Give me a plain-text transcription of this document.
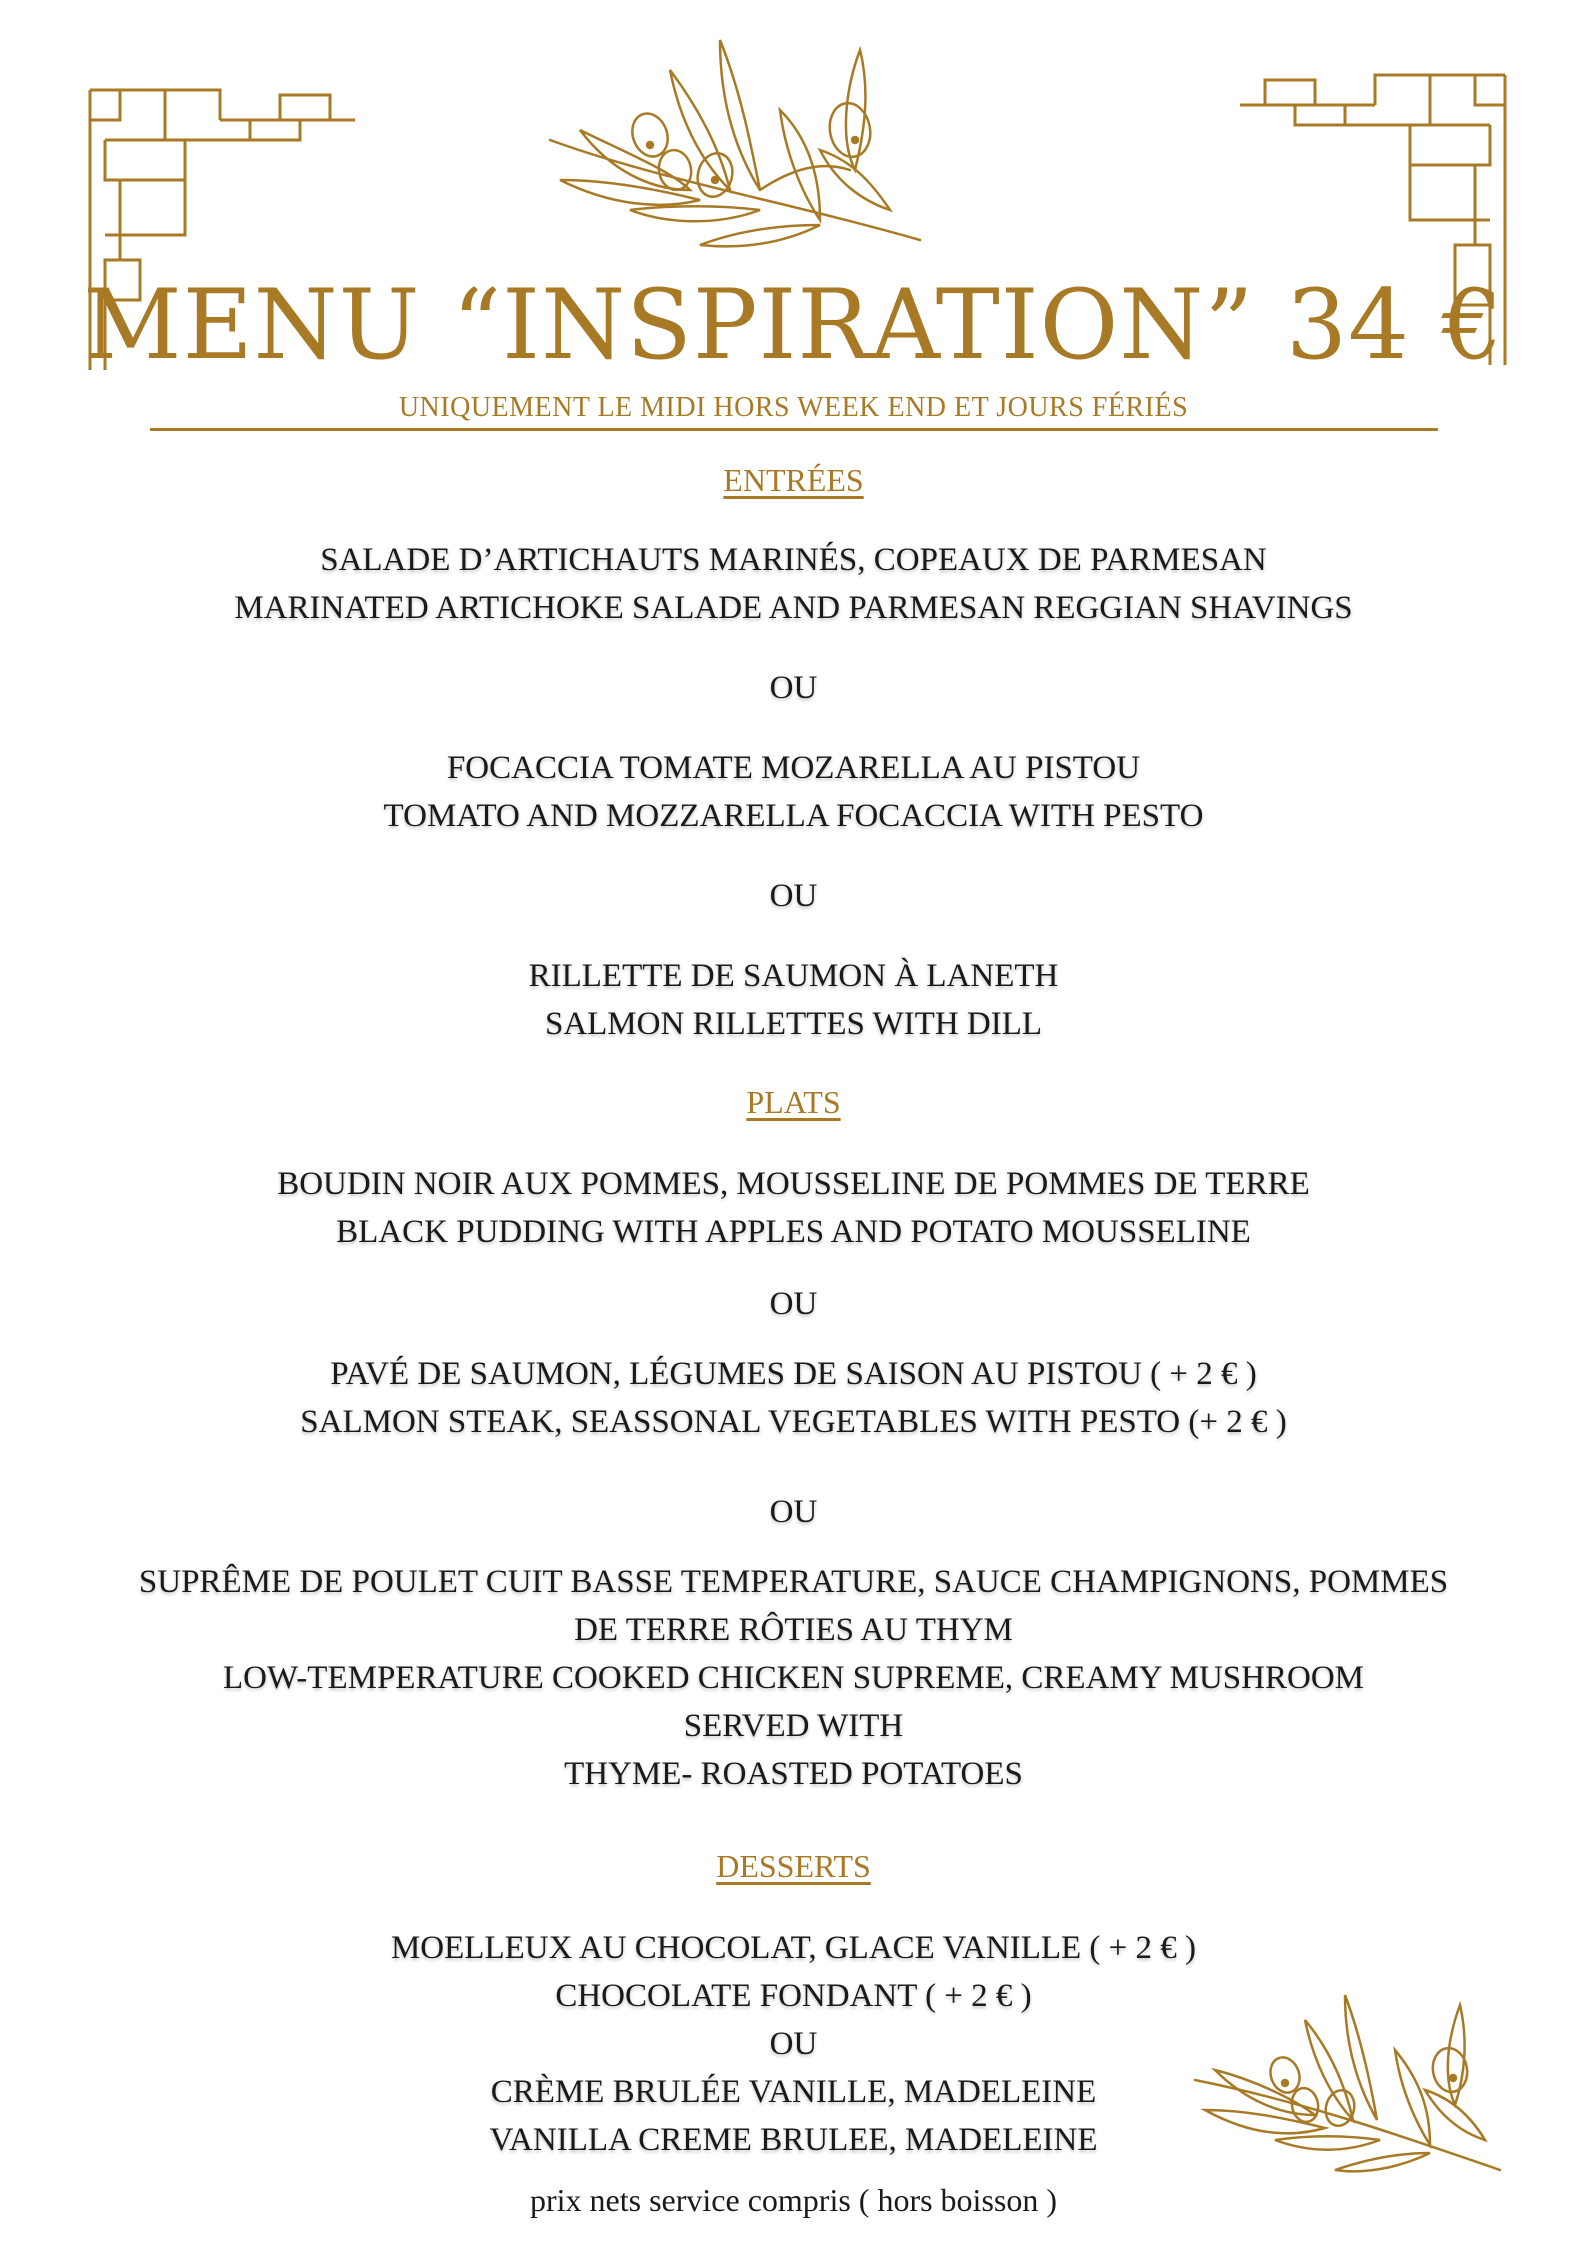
MENU “INSPIRATION” 34 €
UNIQUEMENT LE MIDI HORS WEEK END ET JOURS FÉRIÉS
ENTRÉES
SALADE D’ARTICHAUTS MARINÉS, COPEAUX DE PARMESAN
MARINATED ARTICHOKE SALADE AND PARMESAN REGGIAN SHAVINGS
OU
FOCACCIA TOMATE MOZARELLA AU PISTOU
TOMATO AND MOZZARELLA FOCACCIA WITH PESTO
OU
RILLETTE DE SAUMON À LANETH
SALMON RILLETTES WITH DILL
PLATS
BOUDIN NOIR AUX POMMES, MOUSSELINE DE POMMES DE TERRE
BLACK PUDDING WITH APPLES AND POTATO MOUSSELINE
OU
PAVÉ DE SAUMON, LÉGUMES DE SAISON AU PISTOU ( + 2 € )
SALMON STEAK, SEASSONAL VEGETABLES WITH PESTO (+ 2 € )
OU
SUPRÊME DE POULET CUIT BASSE TEMPERATURE, SAUCE CHAMPIGNONS, POMMES
DE TERRE RÔTIES AU THYM
LOW-TEMPERATURE COOKED CHICKEN SUPREME, CREAMY MUSHROOM
SERVED WITH
THYME- ROASTED POTATOES
DESSERTS
MOELLEUX AU CHOCOLAT, GLACE VANILLE ( + 2 € )
CHOCOLATE FONDANT ( + 2 € )
OU
CRÈME BRULÉE VANILLE, MADELEINE
VANILLA CREME BRULEE, MADELEINE
prix nets service compris ( hors boisson )
